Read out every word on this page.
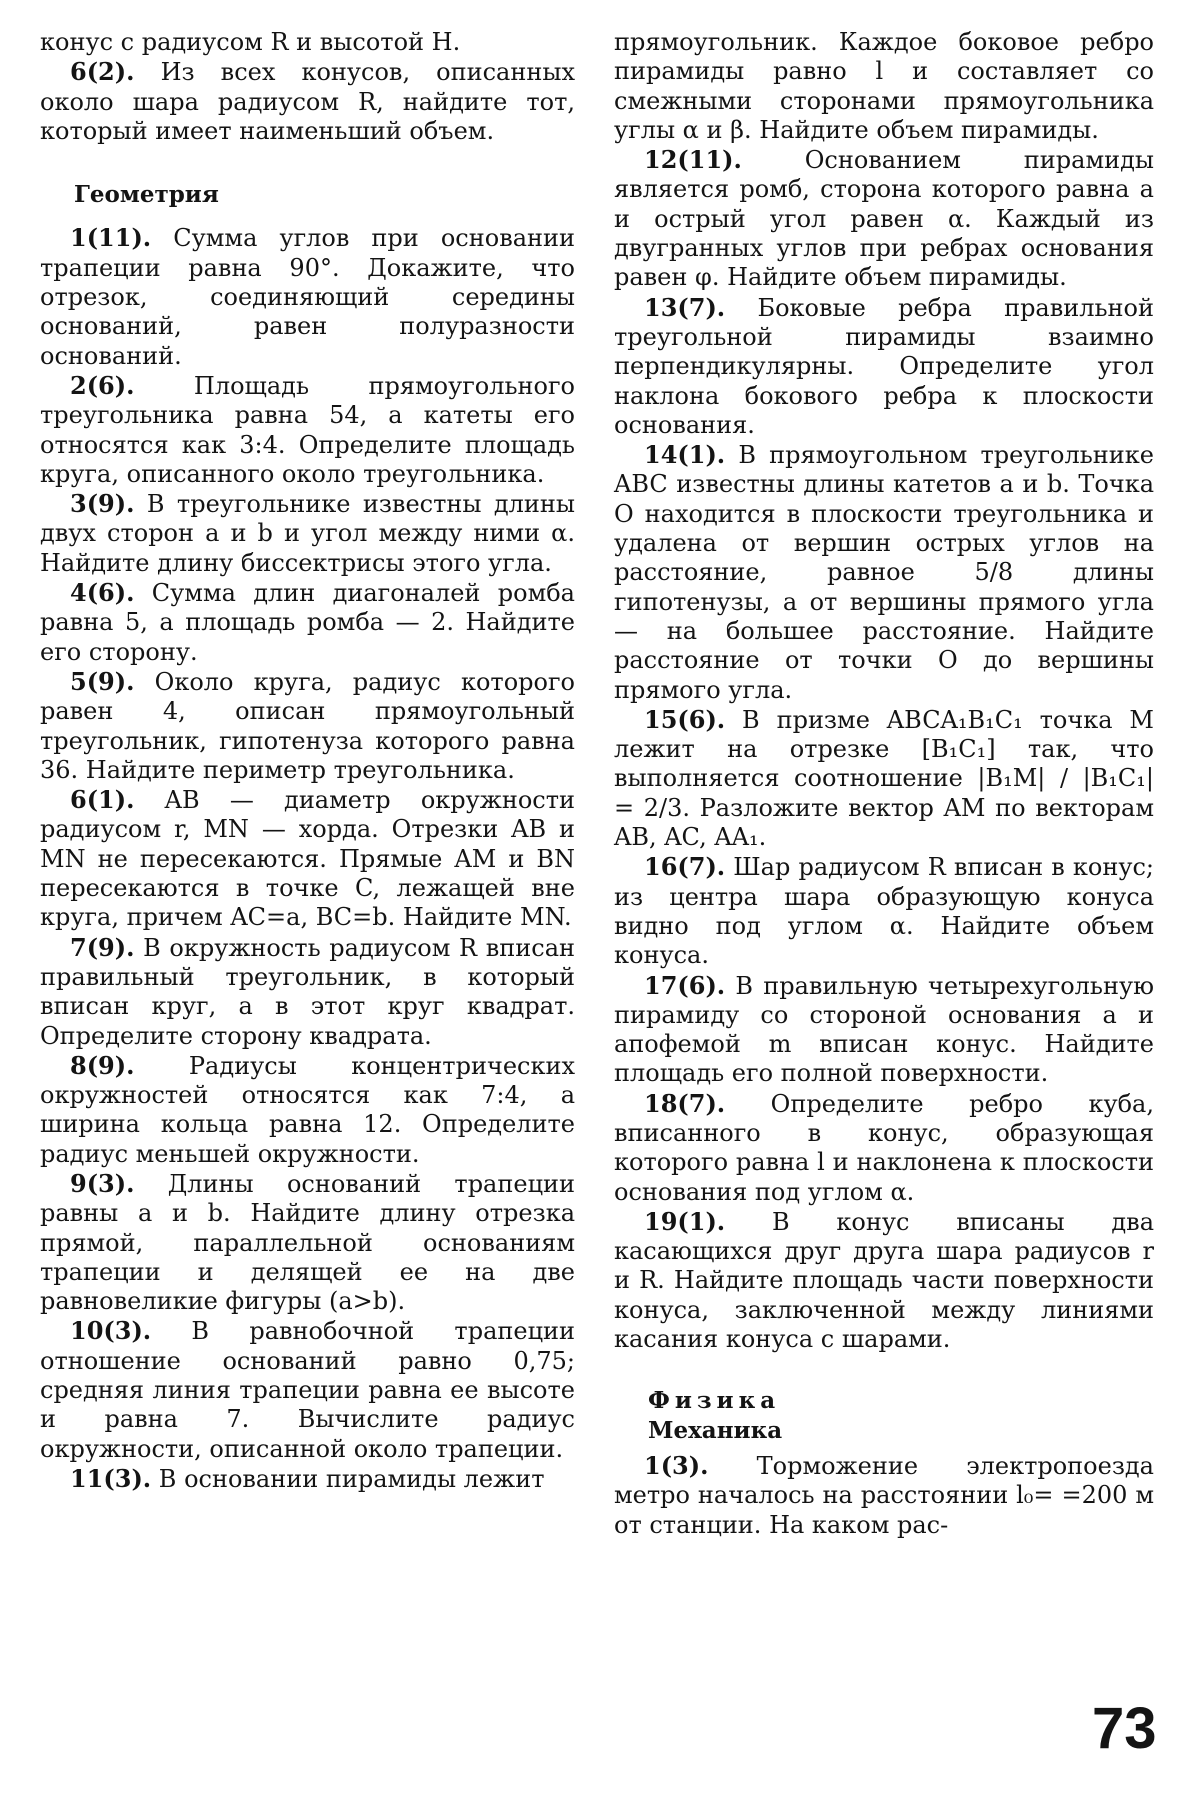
конус с радиусом R и высотой H.

6(2). Из всех конусов, описанных около шара радиусом R, найдите тот, который имеет наименьший объем.

Геометрия

1(11). Сумма углов при основании трапеции равна 90°. Докажите, что отрезок, соединяющий середины оснований, равен полуразности оснований.

2(6). Площадь прямоугольного треугольника равна 54, а катеты его относятся как 3:4. Определите площадь круга, описанного около треугольника.

3(9). В треугольнике известны длины двух сторон a и b и угол между ними α. Найдите длину биссектрисы этого угла.

4(6). Сумма длин диагоналей ромба равна 5, а площадь ромба — 2. Найдите его сторону.

5(9). Около круга, радиус которого равен 4, описан прямоугольный треугольник, гипотенуза которого равна 36. Найдите периметр треугольника.

6(1). AB — диаметр окружности радиусом r, MN — хорда. Отрезки AB и MN не пересекаются. Прямые AM и BN пересекаются в точке C, лежащей вне круга, причем AC=a, BC=b. Найдите MN.

7(9). В окружность радиусом R вписан правильный треугольник, в который вписан круг, а в этот круг квадрат. Определите сторону квадрата.

8(9). Радиусы концентрических окружностей относятся как 7:4, а ширина кольца равна 12. Определите радиус меньшей окружности.

9(3). Длины оснований трапеции равны a и b. Найдите длину отрезка прямой, параллельной основаниям трапеции и делящей ее на две равновеликие фигуры (a>b).

10(3). В равнобочной трапеции отношение оснований равно 0,75; средняя линия трапеции равна ее высоте и равна 7. Вычислите радиус окружности, описанной около трапеции.

11(3). В основании пирамиды лежит

прямоугольник. Каждое боковое ребро пирамиды равно l и составляет со смежными сторонами прямоугольника углы α и β. Найдите объем пирамиды.

12(11). Основанием пирамиды является ромб, сторона которого равна a и острый угол равен α. Каждый из двугранных углов при ребрах основания равен φ. Найдите объем пирамиды.

13(7). Боковые ребра правильной треугольной пирамиды взаимно перпендикулярны. Определите угол наклона бокового ребра к плоскости основания.

14(1). В прямоугольном треугольнике ABC известны длины катетов a и b. Точка O находится в плоскости треугольника и удалена от вершин острых углов на расстояние, равное 5/8 длины гипотенузы, а от вершины прямого угла — на большее расстояние. Найдите расстояние от точки O до вершины прямого угла.

15(6). В призме ABCA₁B₁C₁ точка M лежит на отрезке [B₁C₁] так, что выполняется соотношение |B₁M| / |B₁C₁| = 2/3. Разложите вектор AM по векторам AB, AC, AA₁.

16(7). Шар радиусом R вписан в конус; из центра шара образующую конуса видно под углом α. Найдите объем конуса.

17(6). В правильную четырехугольную пирамиду со стороной основания a и апофемой m вписан конус. Найдите площадь его полной поверхности.

18(7). Определите ребро куба, вписанного в конус, образующая которого равна l и наклонена к плоскости основания под углом α.

19(1). В конус вписаны два касающихся друг друга шара радиусов r и R. Найдите площадь части поверхности конуса, заключенной между линиями касания конуса с шарами.

Физика

Механика

1(3). Торможение электропоезда метро началось на расстоянии l₀= =200 м от станции. На каком рас-

73
